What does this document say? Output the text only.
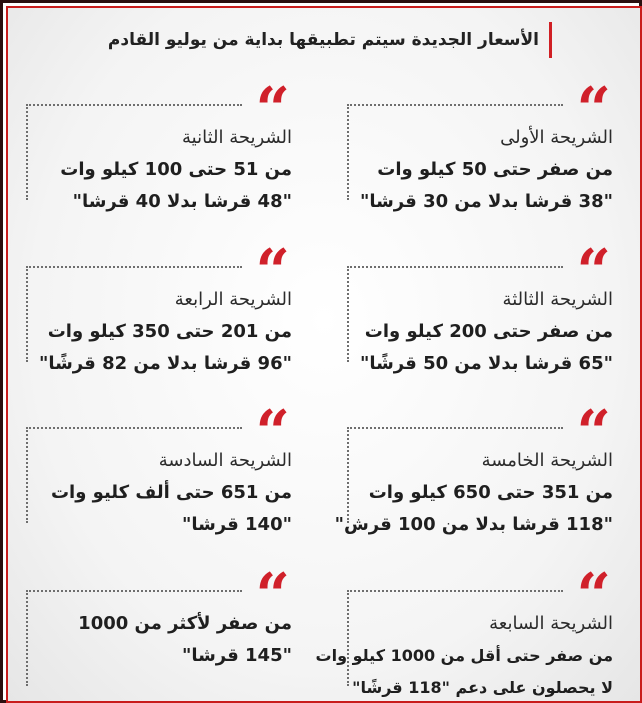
الأسعار الجديدة سيتم تطبيقها بداية من يوليو القادم
“
الشريحة الأولى
من صفر حتى 50 كيلو وات
"38 قرشا بدلا من 30 قرشا"
“
الشريحة الثانية
من 51 حتى 100 كيلو وات
"48 قرشا بدلا 40 قرشا"
“
الشريحة الثالثة
من صفر حتى 200 كيلو وات
"65 قرشا بدلا من 50 قرشًا"
“
الشريحة الرابعة
من 201 حتى 350 كيلو وات
"96 قرشا بدلا من 82 قرشًا"
“
الشريحة الخامسة
من 351 حتى 650 كيلو وات
"118 قرشا بدلا من 100 قرش"
“
الشريحة السادسة
من 651 حتى ألف كليو وات
"140 قرشا"
“
الشريحة السابعة
من صفر حتى أقل من 1000 كيلو وات
لا يحصلون على دعم "118 قرشًا"
“
من صفر لأكثر من 1000
"145 قرشا"
